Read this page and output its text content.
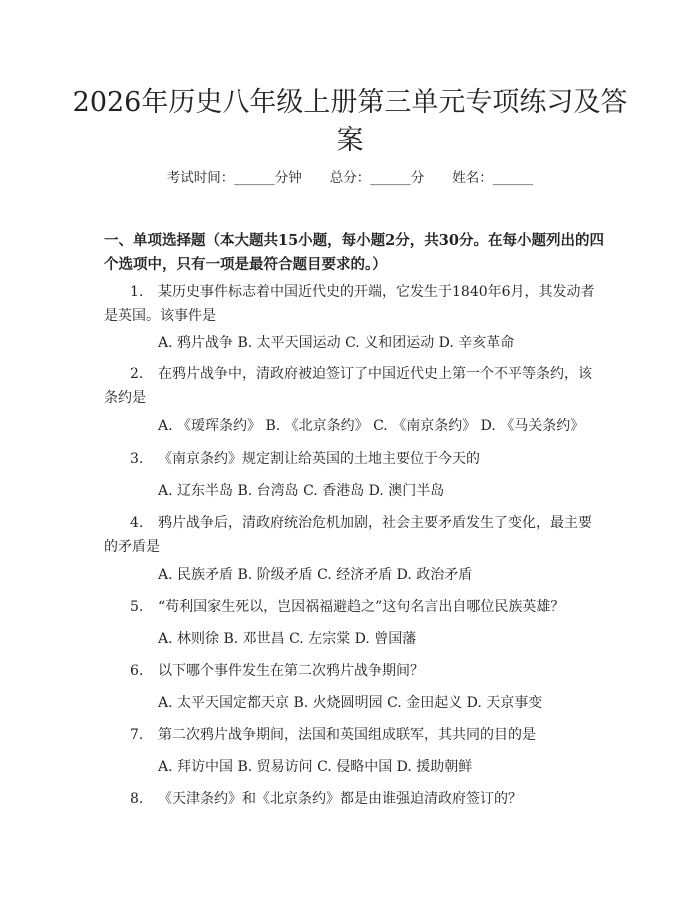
2026年历史八年级上册第三单元专项练习及答案
考试时间：______分钟 总分：______分 姓名：______
一、单项选择题（本大题共15小题，每小题2分，共30分。在每小题列出的四个选项中，只有一项是最符合题目要求的。）
1. 某历史事件标志着中国近代史的开端，它发生于1840年6月，其发动者是英国。该事件是
A. 鸦片战争 B. 太平天国运动 C. 义和团运动 D. 辛亥革命
2. 在鸦片战争中，清政府被迫签订了中国近代史上第一个不平等条约，该条约是
A. 《瑷珲条约》 B. 《北京条约》 C. 《南京条约》 D. 《马关条约》
3. 《南京条约》规定割让给英国的土地主要位于今天的
A. 辽东半岛 B. 台湾岛 C. 香港岛 D. 澳门半岛
4. 鸦片战争后，清政府统治危机加剧，社会主要矛盾发生了变化，最主要的矛盾是
A. 民族矛盾 B. 阶级矛盾 C. 经济矛盾 D. 政治矛盾
5. “苟利国家生死以，岂因祸福避趋之”这句名言出自哪位民族英雄？
A. 林则徐 B. 邓世昌 C. 左宗棠 D. 曾国藩
6. 以下哪个事件发生在第二次鸦片战争期间？
A. 太平天国定都天京 B. 火烧圆明园 C. 金田起义 D. 天京事变
7. 第二次鸦片战争期间，法国和英国组成联军，其共同的目的是
A. 拜访中国 B. 贸易访问 C. 侵略中国 D. 援助朝鲜
8. 《天津条约》和《北京条约》都是由谁强迫清政府签订的？
